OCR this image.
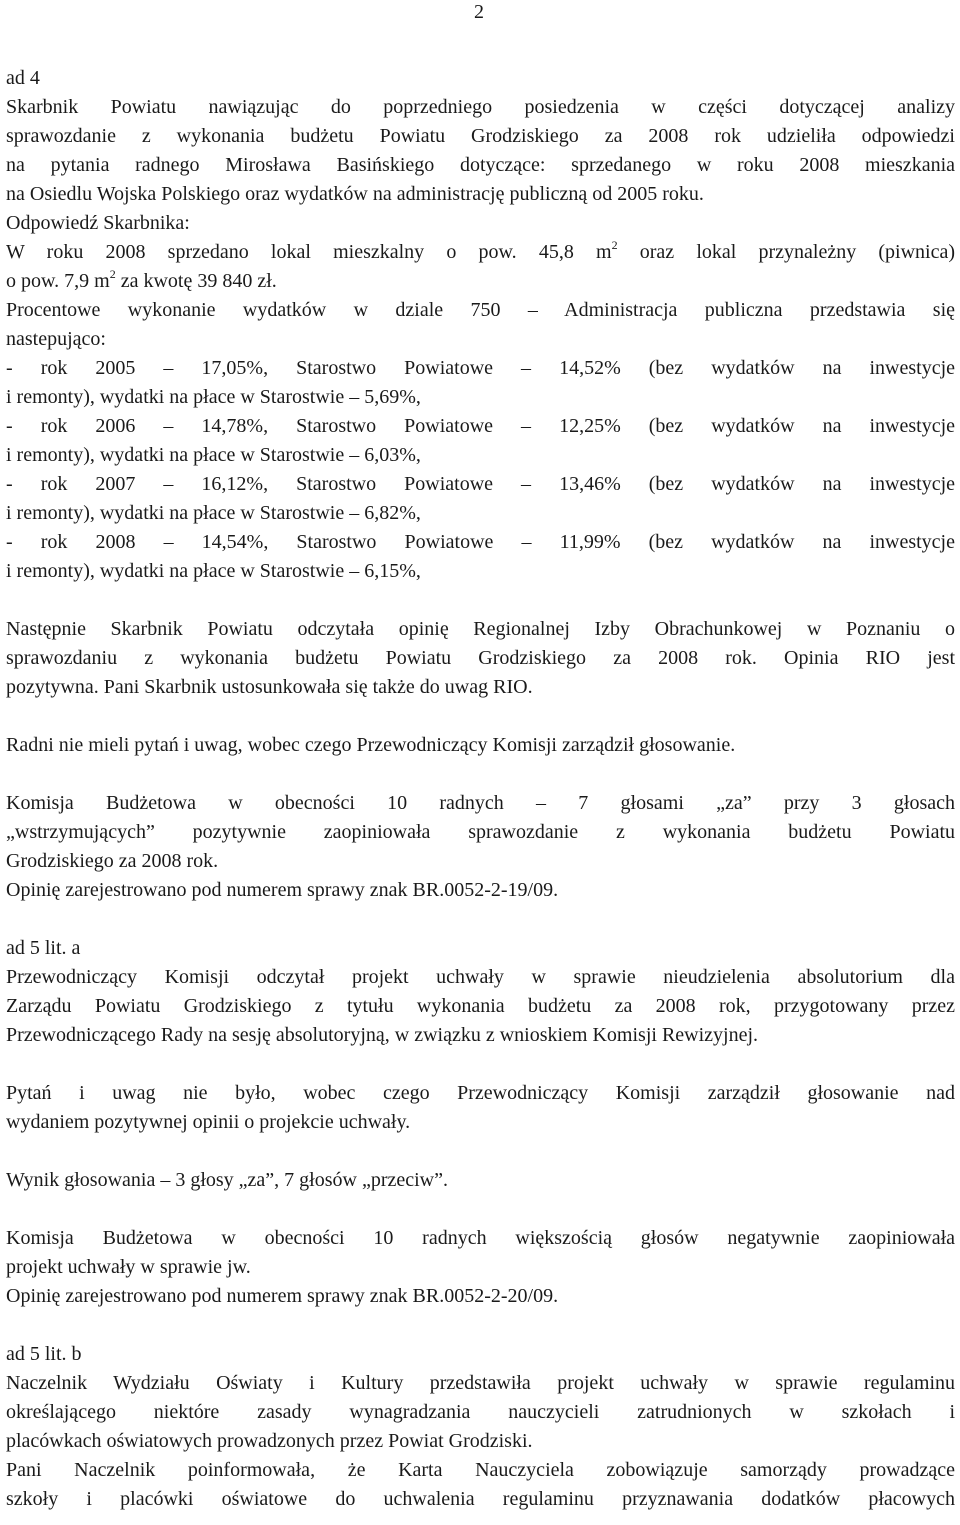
2

ad 4

Skarbnik Powiatu nawiązując do poprzedniego posiedzenia w części dotyczącej analizy

sprawozdanie z wykonania budżetu Powiatu Grodziskiego za 2008 rok udzieliła odpowiedzi

na pytania radnego Mirosława Basińskiego dotyczące: sprzedanego w roku 2008 mieszkania

na Osiedlu Wojska Polskiego oraz wydatków na administrację publiczną od 2005 roku.

Odpowiedź Skarbnika:

W roku 2008 sprzedano lokal mieszkalny o pow. 45,8 $m^2$ oraz lokal przynależny (piwnica)

o pow. 7,9 $m^2$ za kwotę 39 840 zł.

Procentowe wykonanie wydatków w dziale 750 – Administracja publiczna przedstawia się

nastepująco:

- rok 2005 – 17,05%, Starostwo Powiatowe – 14,52% (bez wydatków na inwestycje

i remonty), wydatki na płace w Starostwie – 5,69%,

- rok 2006 – 14,78%, Starostwo Powiatowe – 12,25% (bez wydatków na inwestycje

i remonty), wydatki na płace w Starostwie – 6,03%,

- rok 2007 – 16,12%, Starostwo Powiatowe – 13,46% (bez wydatków na inwestycje

i remonty), wydatki na płace w Starostwie – 6,82%,

- rok 2008 – 14,54%, Starostwo Powiatowe – 11,99% (bez wydatków na inwestycje

i remonty), wydatki na płace w Starostwie – 6,15%,

Następnie Skarbnik Powiatu odczytała opinię Regionalnej Izby Obrachunkowej w Poznaniu o

sprawozdaniu z wykonania budżetu Powiatu Grodziskiego za 2008 rok. Opinia RIO jest

pozytywna. Pani Skarbnik ustosunkowała się także do uwag RIO.

Radni nie mieli pytań i uwag, wobec czego Przewodniczący Komisji zarządził głosowanie.

Komisja Budżetowa w obecności 10 radnych – 7 głosami „za” przy 3 głosach

„wstrzymujących” pozytywnie zaopiniowała sprawozdanie z wykonania budżetu Powiatu

Grodziskiego za 2008 rok.

Opinię zarejestrowano pod numerem sprawy znak BR.0052-2-19/09.

ad 5 lit. a

Przewodniczący Komisji odczytał projekt uchwały w sprawie nieudzielenia absolutorium dla

Zarządu Powiatu Grodziskiego z tytułu wykonania budżetu za 2008 rok, przygotowany przez

Przewodniczącego Rady na sesję absolutoryjną, w związku z wnioskiem Komisji Rewizyjnej.

Pytań i uwag nie było, wobec czego Przewodniczący Komisji zarządził głosowanie nad

wydaniem pozytywnej opinii o projekcie uchwały.

Wynik głosowania – 3 głosy „za”, 7 głosów „przeciw”.

Komisja Budżetowa w obecności 10 radnych większością głosów negatywnie zaopiniowała

projekt uchwały w sprawie jw.

Opinię zarejestrowano pod numerem sprawy znak BR.0052-2-20/09.

ad 5 lit. b

Naczelnik Wydziału Oświaty i Kultury przedstawiła projekt uchwały w sprawie regulaminu

określającego niektóre zasady wynagradzania nauczycieli zatrudnionych w szkołach i

placówkach oświatowych prowadzonych przez Powiat Grodziski.

Pani Naczelnik poinformowała, że Karta Nauczyciela zobowiązuje samorządy prowadzące

szkoły i placówki oświatowe do uchwalenia regulaminu przyznawania dodatków płacowych
